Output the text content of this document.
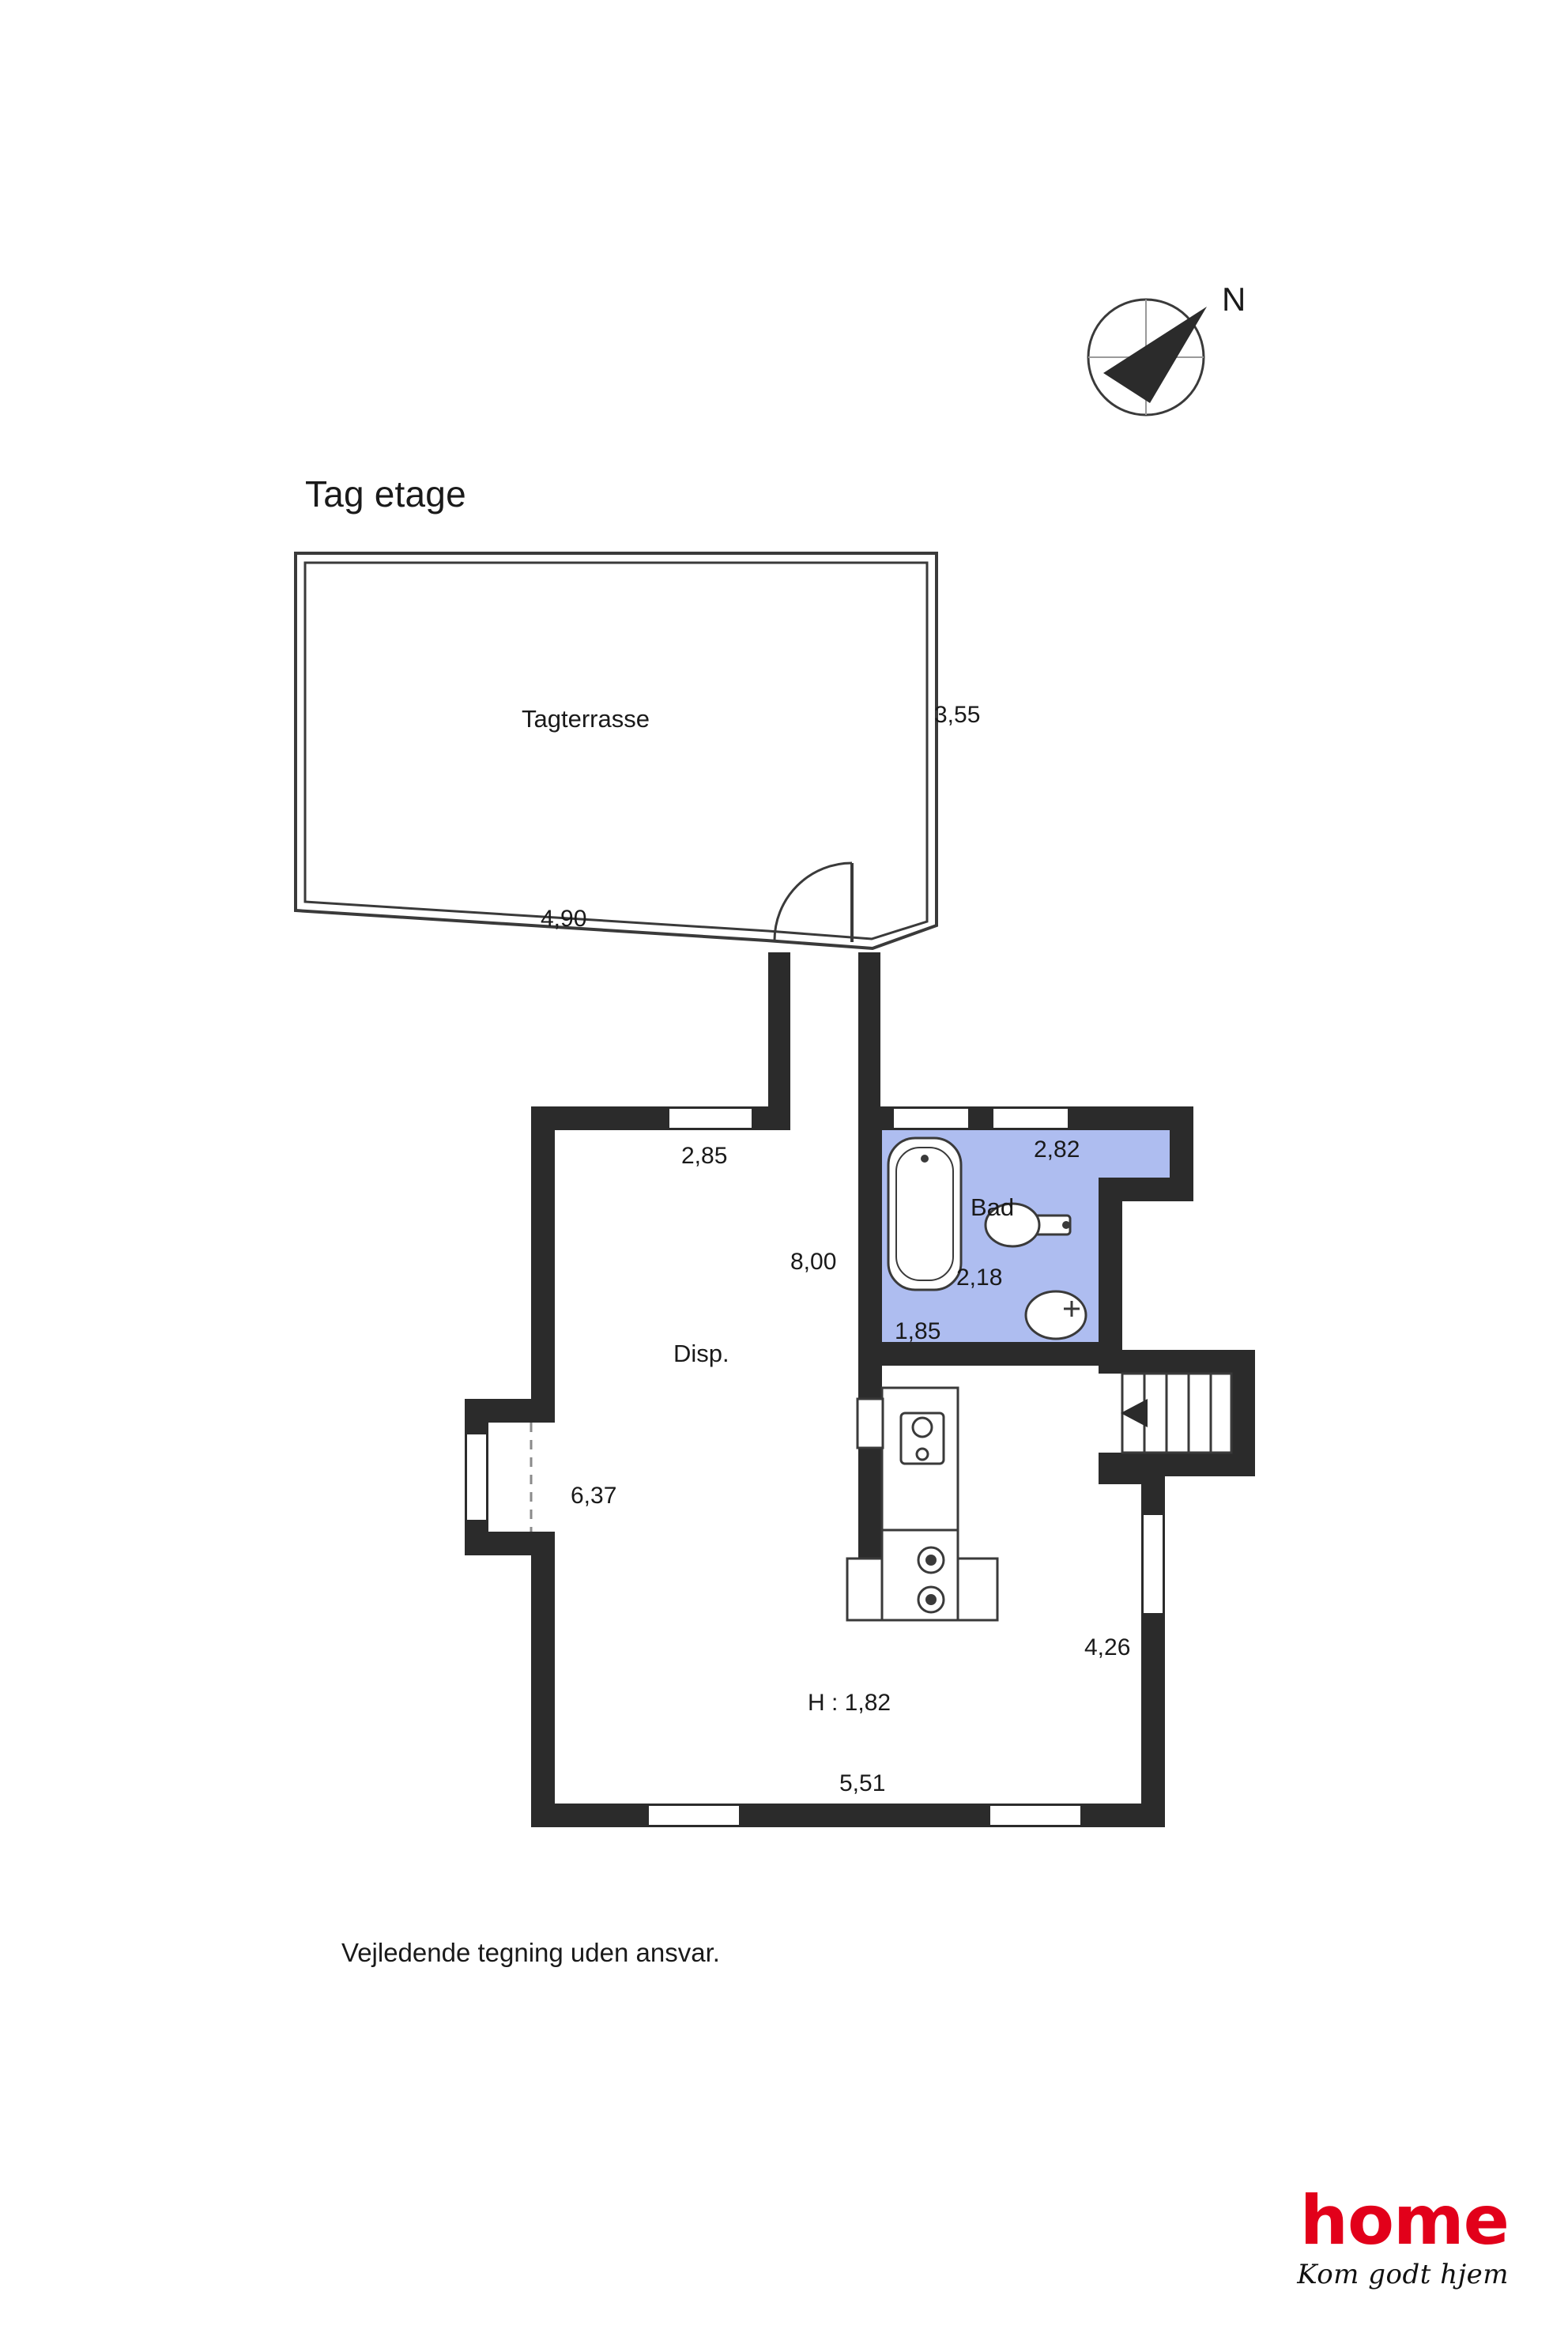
Tag etage
N
Tagterrasse
Bad
Disp.
3,55
4,90
2,85	2,82
2,18
8,00
1,85
6,37
4,26
5,51
H : 1,82
Vejledende tegning uden ansvar.
home
Kom godt hjem
